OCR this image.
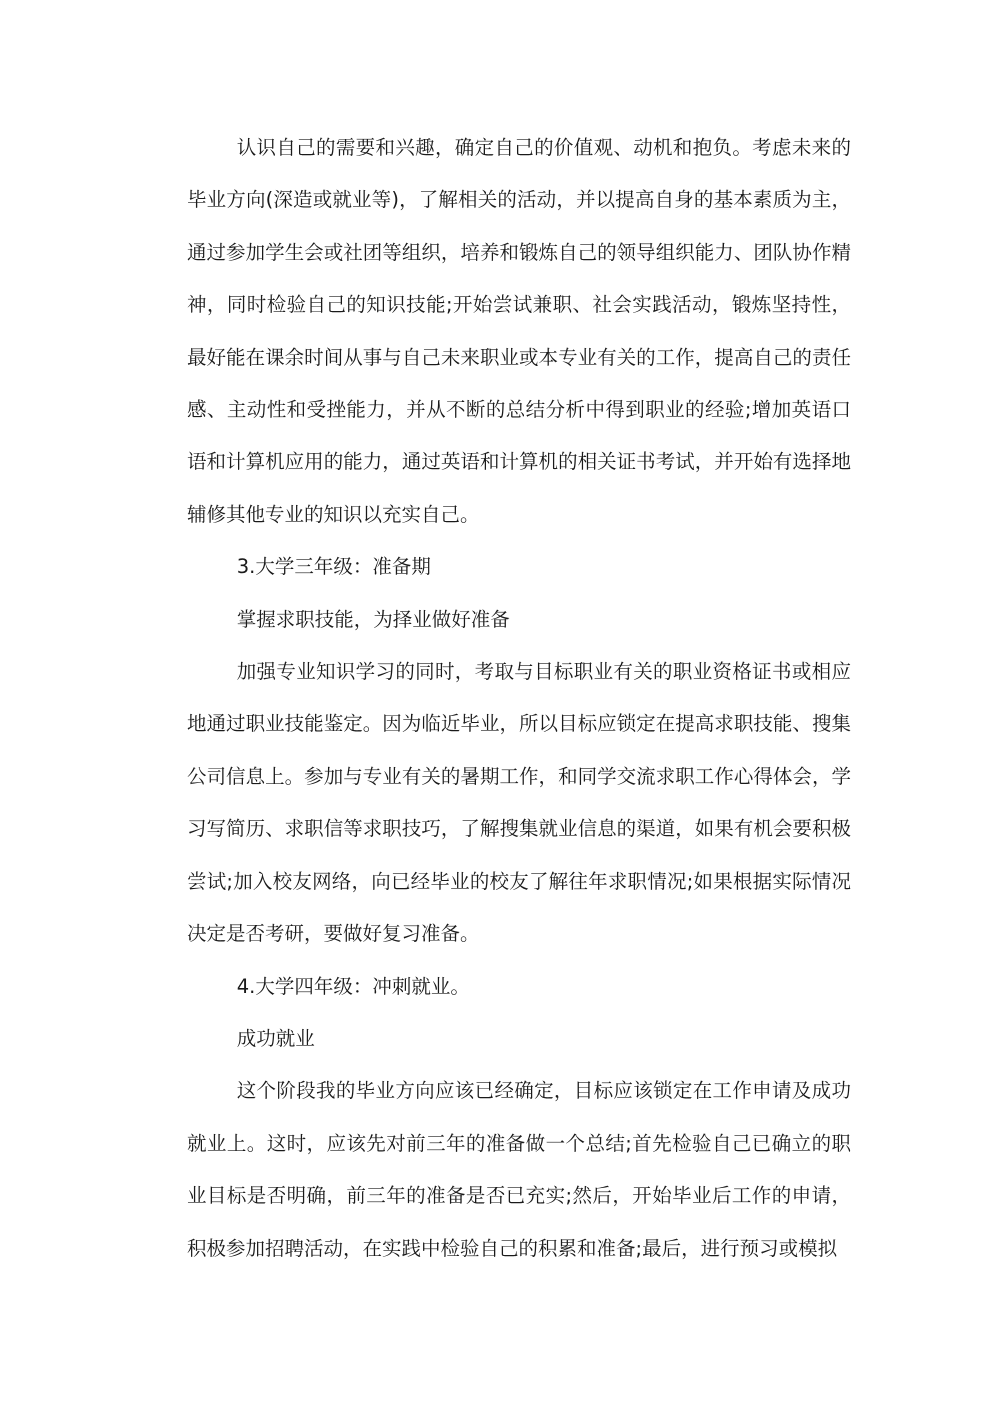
认识自己的需要和兴趣，确定自己的价值观、动机和抱负。考虑未来的毕业方向(深造或就业等)，了解相关的活动，并以提高自身的基本素质为主，通过参加学生会或社团等组织，培养和锻炼自己的领导组织能力、团队协作精神，同时检验自己的知识技能;开始尝试兼职、社会实践活动，锻炼坚持性，最好能在课余时间从事与自己未来职业或本专业有关的工作，提高自己的责任感、主动性和受挫能力，并从不断的总结分析中得到职业的经验;增加英语口语和计算机应用的能力，通过英语和计算机的相关证书考试，并开始有选择地辅修其他专业的知识以充实自己。

3.大学三年级：准备期

掌握求职技能，为择业做好准备

加强专业知识学习的同时，考取与目标职业有关的职业资格证书或相应地通过职业技能鉴定。因为临近毕业，所以目标应锁定在提高求职技能、搜集公司信息上。参加与专业有关的暑期工作，和同学交流求职工作心得体会，学习写简历、求职信等求职技巧，了解搜集就业信息的渠道，如果有机会要积极尝试;加入校友网络，向已经毕业的校友了解往年求职情况;如果根据实际情况决定是否考研，要做好复习准备。

4.大学四年级：冲刺就业。

成功就业

这个阶段我的毕业方向应该已经确定，目标应该锁定在工作申请及成功就业上。这时，应该先对前三年的准备做一个总结;首先检验自己已确立的职业目标是否明确，前三年的准备是否已充实;然后，开始毕业后工作的申请，积极参加招聘活动，在实践中检验自己的积累和准备;最后，进行预习或模拟
